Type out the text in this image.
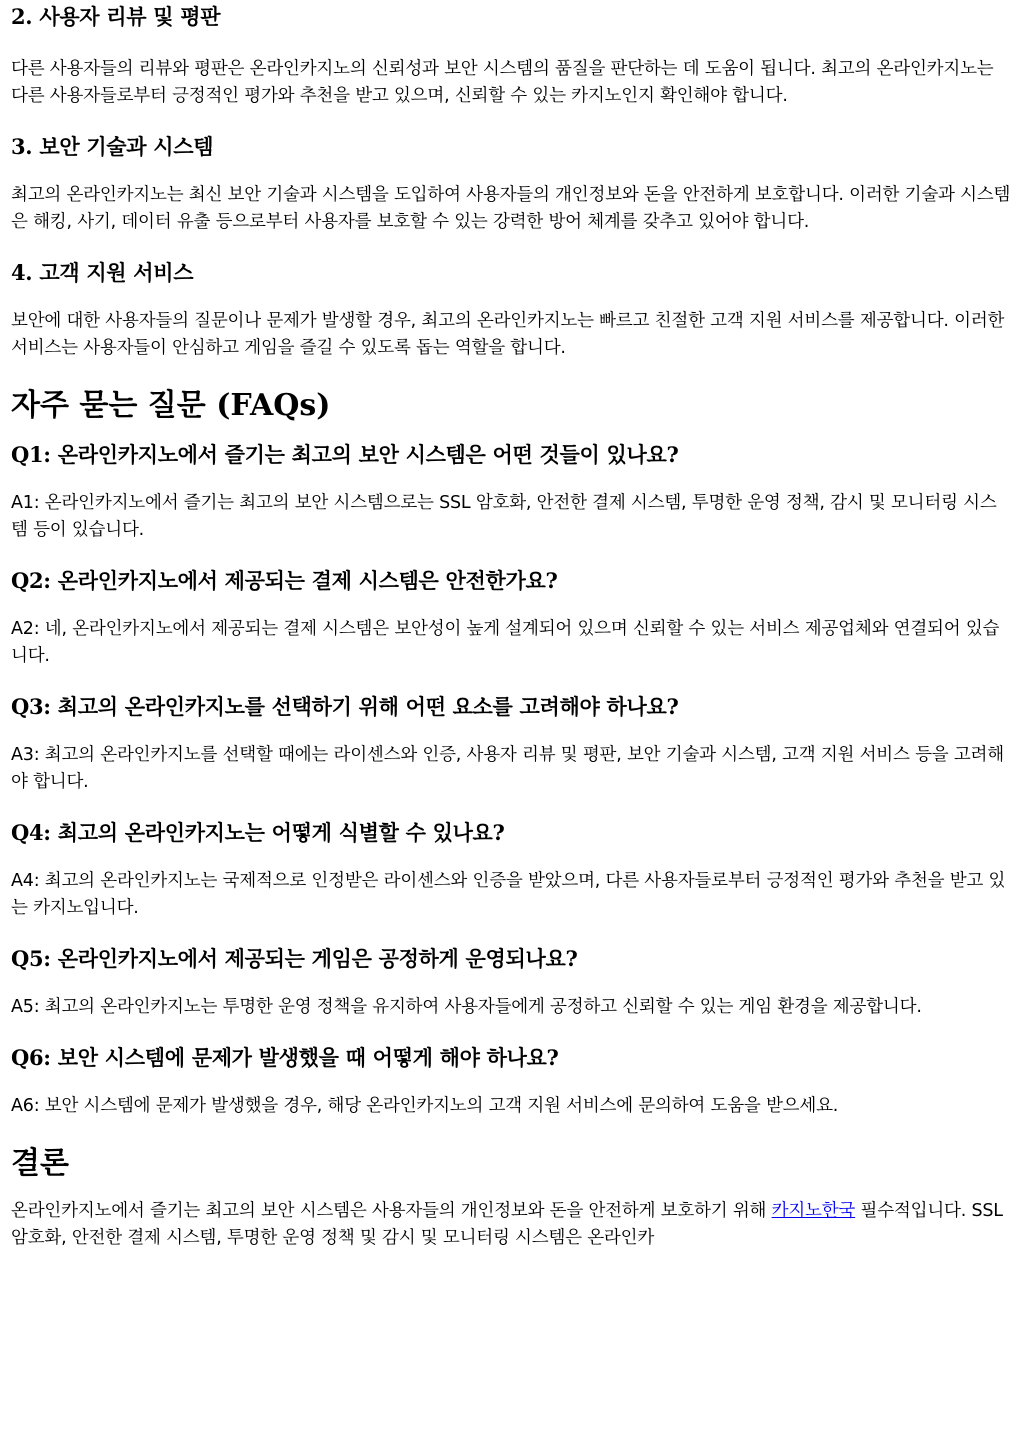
2. 사용자 리뷰 및 평판

다른 사용자들의 리뷰와 평판은 온라인카지노의 신뢰성과 보안 시스템의 품질을 판단하는 데 도움이 됩니다. 최고의 온라인카지노는 다른 사용자들로부터 긍정적인 평가와 추천을 받고 있으며, 신뢰할 수 있는 카지노인지 확인해야 합니다.

3. 보안 기술과 시스템

최고의 온라인카지노는 최신 보안 기술과 시스템을 도입하여 사용자들의 개인정보와 돈을 안전하게 보호합니다. 이러한 기술과 시스템은 해킹, 사기, 데이터 유출 등으로부터 사용자를 보호할 수 있는 강력한 방어 체계를 갖추고 있어야 합니다.

4. 고객 지원 서비스

보안에 대한 사용자들의 질문이나 문제가 발생할 경우, 최고의 온라인카지노는 빠르고 친절한 고객 지원 서비스를 제공합니다. 이러한 서비스는 사용자들이 안심하고 게임을 즐길 수 있도록 돕는 역할을 합니다.

자주 묻는 질문 (FAQs)
Q1: 온라인카지노에서 즐기는 최고의 보안 시스템은 어떤 것들이 있나요?

A1: 온라인카지노에서 즐기는 최고의 보안 시스템으로는 SSL 암호화, 안전한 결제 시스템, 투명한 운영 정책, 감시 및 모니터링 시스템 등이 있습니다.

Q2: 온라인카지노에서 제공되는 결제 시스템은 안전한가요?

A2: 네, 온라인카지노에서 제공되는 결제 시스템은 보안성이 높게 설계되어 있으며 신뢰할 수 있는 서비스 제공업체와 연결되어 있습니다.

Q3: 최고의 온라인카지노를 선택하기 위해 어떤 요소를 고려해야 하나요?

A3: 최고의 온라인카지노를 선택할 때에는 라이센스와 인증, 사용자 리뷰 및 평판, 보안 기술과 시스템, 고객 지원 서비스 등을 고려해야 합니다.

Q4: 최고의 온라인카지노는 어떻게 식별할 수 있나요?

A4: 최고의 온라인카지노는 국제적으로 인정받은 라이센스와 인증을 받았으며, 다른 사용자들로부터 긍정적인 평가와 추천을 받고 있는 카지노입니다.

Q5: 온라인카지노에서 제공되는 게임은 공정하게 운영되나요?

A5: 최고의 온라인카지노는 투명한 운영 정책을 유지하여 사용자들에게 공정하고 신뢰할 수 있는 게임 환경을 제공합니다.

Q6: 보안 시스템에 문제가 발생했을 때 어떻게 해야 하나요?

A6: 보안 시스템에 문제가 발생했을 경우, 해당 온라인카지노의 고객 지원 서비스에 문의하여 도움을 받으세요.

결론

온라인카지노에서 즐기는 최고의 보안 시스템은 사용자들의 개인정보와 돈을 안전하게 보호하기 위해 카지노한국 필수적입니다. SSL 암호화, 안전한 결제 시스템, 투명한 운영 정책 및 감시 및 모니터링 시스템은 온라인카
